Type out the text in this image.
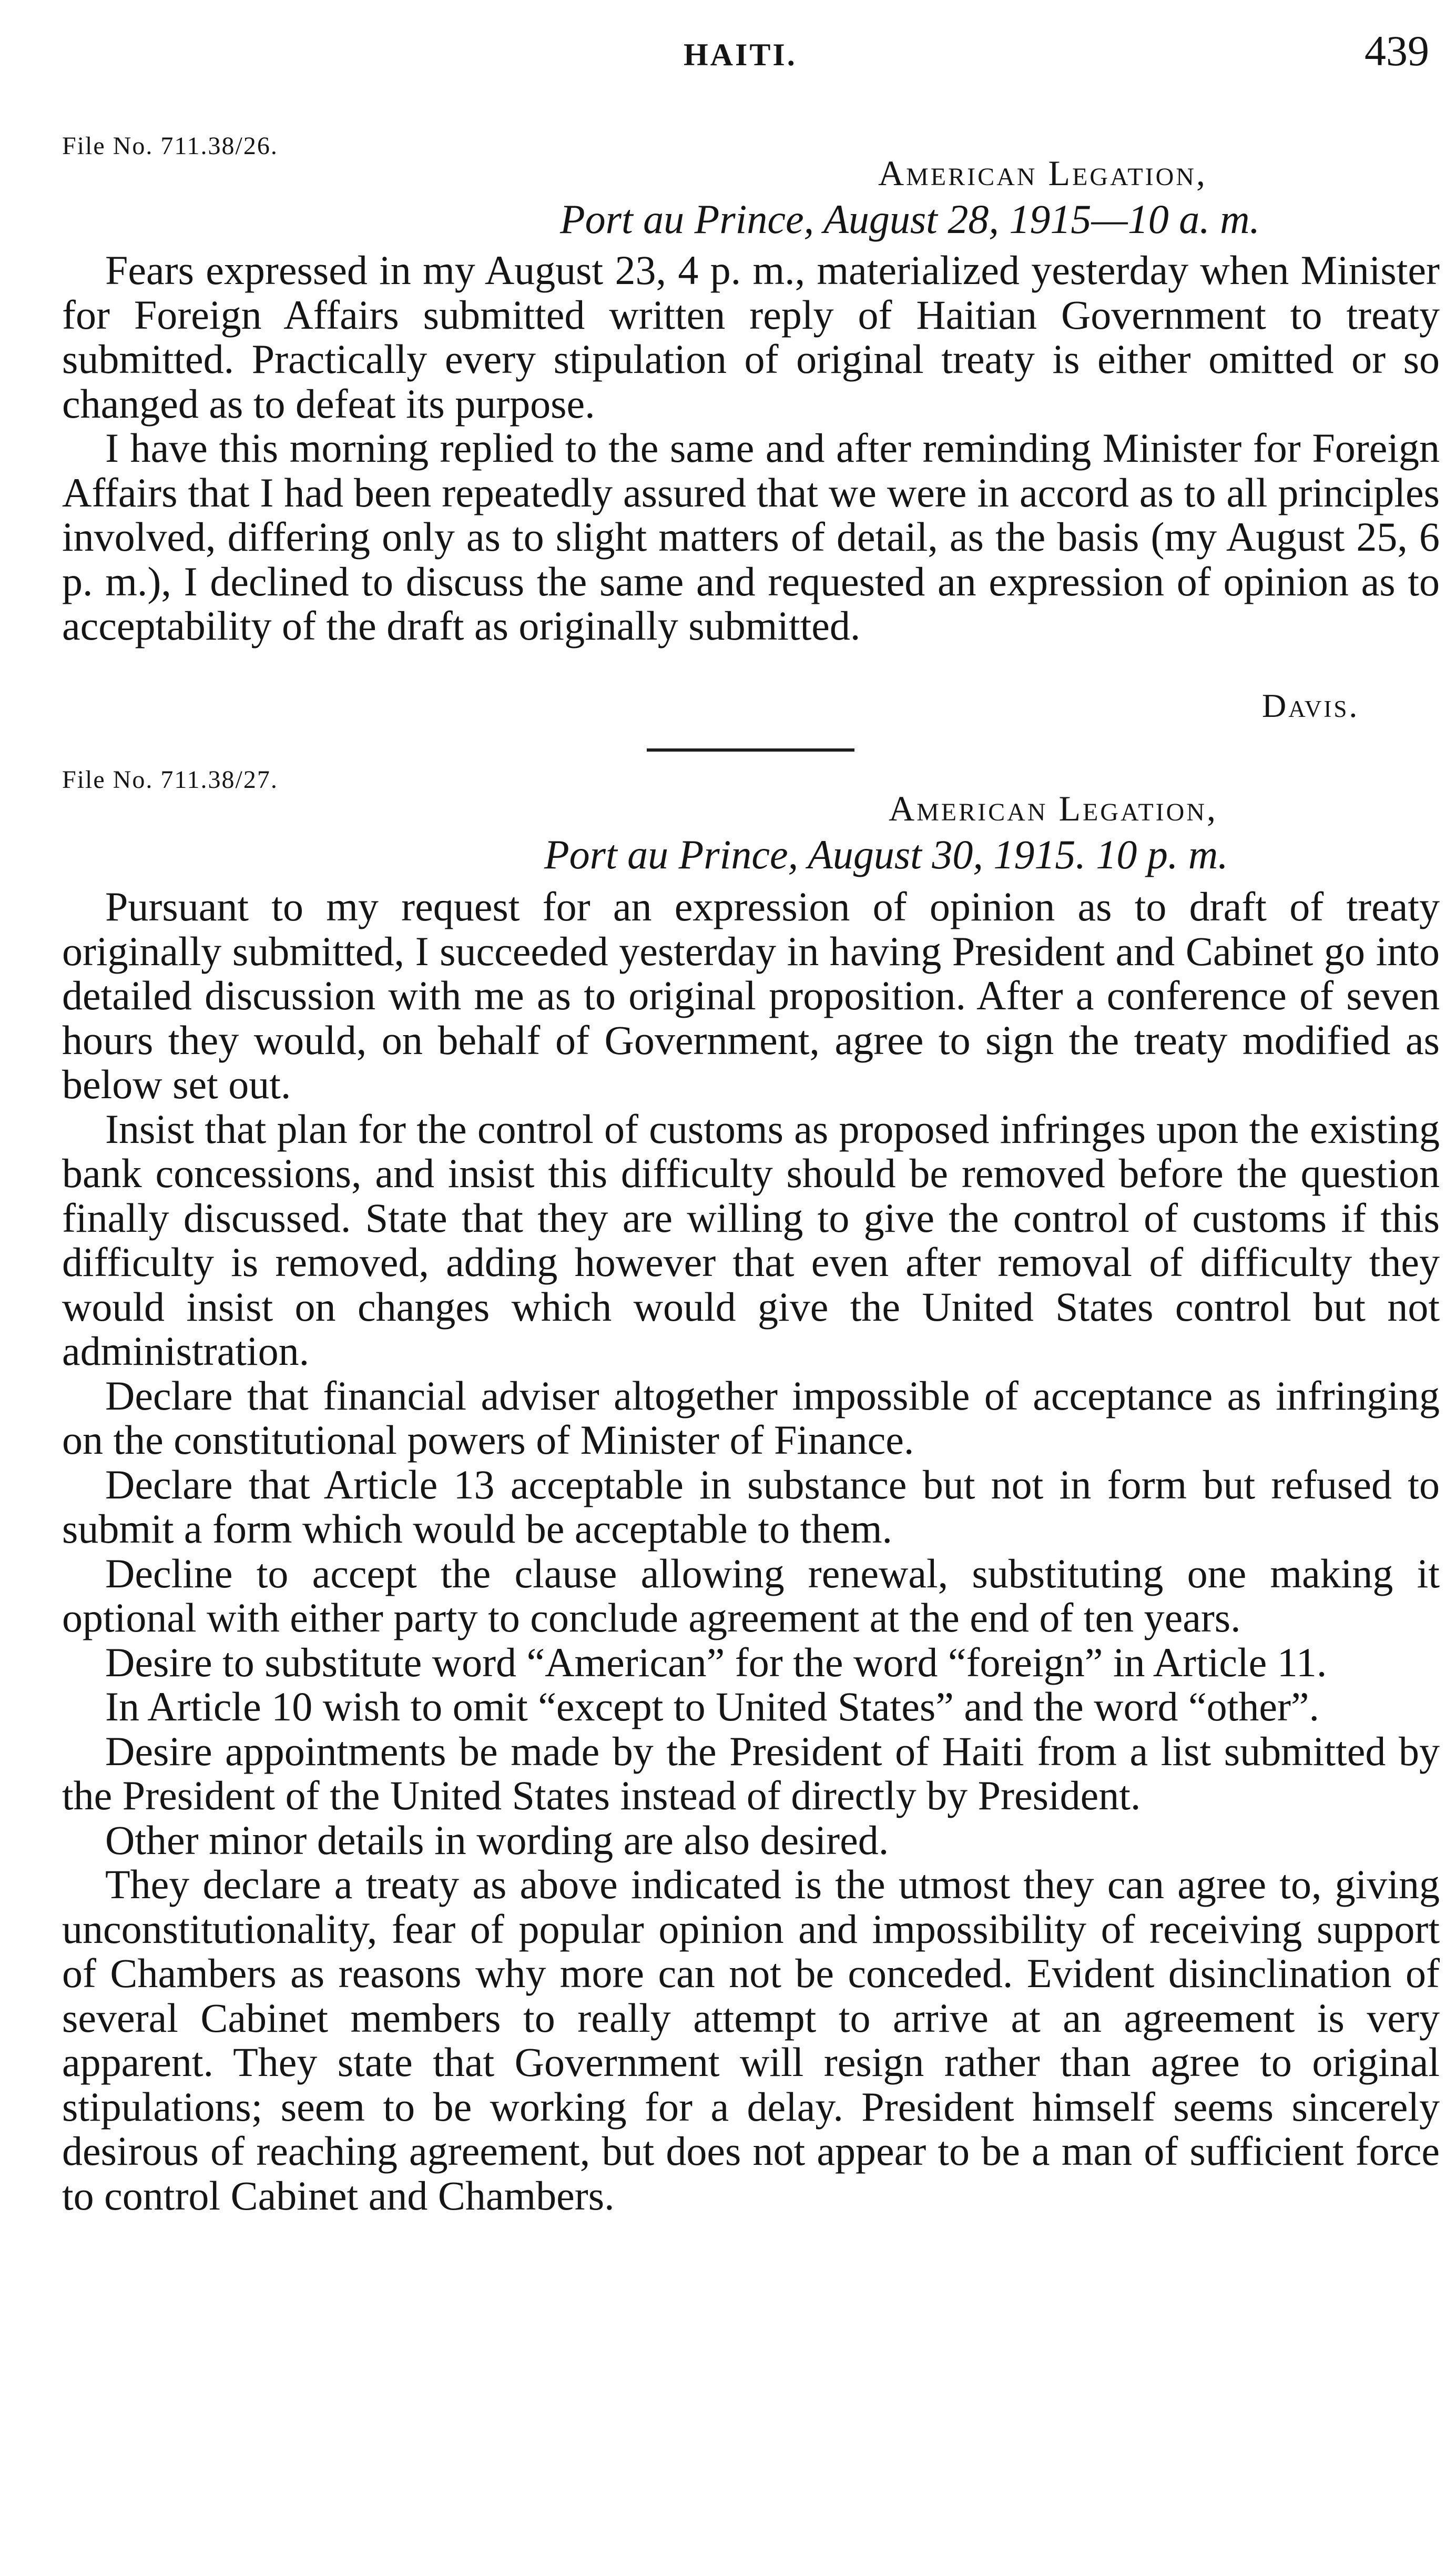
HAITI.	439
File No. 711.38/26.
American Legation,
Port au Prince, August 28, 1915—10 a. m.

Fears expressed in my August 23, 4 p. m., materialized yesterday when Minister for Foreign Affairs submitted written reply of Haitian Government to treaty submitted. Practically every stipulation of original treaty is either omitted or so changed as to defeat its purpose.

I have this morning replied to the same and after reminding Minister for Foreign Affairs that I had been repeatedly assured that we were in accord as to all principles involved, differing only as to slight matters of detail, as the basis (my August 25, 6 p. m.), I declined to discuss the same and requested an expression of opinion as to acceptability of the draft as originally submitted.

Davis.
File No. 711.38/27.
American Legation,
Port au Prince, August 30, 1915. 10 p. m.

Pursuant to my request for an expression of opinion as to draft of treaty originally submitted, I succeeded yesterday in having President and Cabinet go into detailed discussion with me as to original proposition. After a conference of seven hours they would, on behalf of Government, agree to sign the treaty modified as below set out.

Insist that plan for the control of customs as proposed infringes upon the existing bank concessions, and insist this difficulty should be removed before the question finally discussed. State that they are willing to give the control of customs if this difficulty is removed, adding however that even after removal of difficulty they would insist on changes which would give the United States control but not administration.

Declare that financial adviser altogether impossible of acceptance as infringing on the constitutional powers of Minister of Finance.

Declare that Article 13 acceptable in substance but not in form but refused to submit a form which would be acceptable to them.

Decline to accept the clause allowing renewal, substituting one making it optional with either party to conclude agreement at the end of ten years.

Desire to substitute word “American” for the word “foreign” in Article 11.

In Article 10 wish to omit “except to United States” and the word “other”.

Desire appointments be made by the President of Haiti from a list submitted by the President of the United States instead of directly by President.

Other minor details in wording are also desired.

They declare a treaty as above indicated is the utmost they can agree to, giving unconstitutionality, fear of popular opinion and impossibility of receiving support of Chambers as reasons why more can not be conceded. Evident disinclination of several Cabinet members to really attempt to arrive at an agreement is very apparent. They state that Government will resign rather than agree to original stipulations; seem to be working for a delay. President himself seems sincerely desirous of reaching agreement, but does not appear to be a man of sufficient force to control Cabinet and Chambers.
